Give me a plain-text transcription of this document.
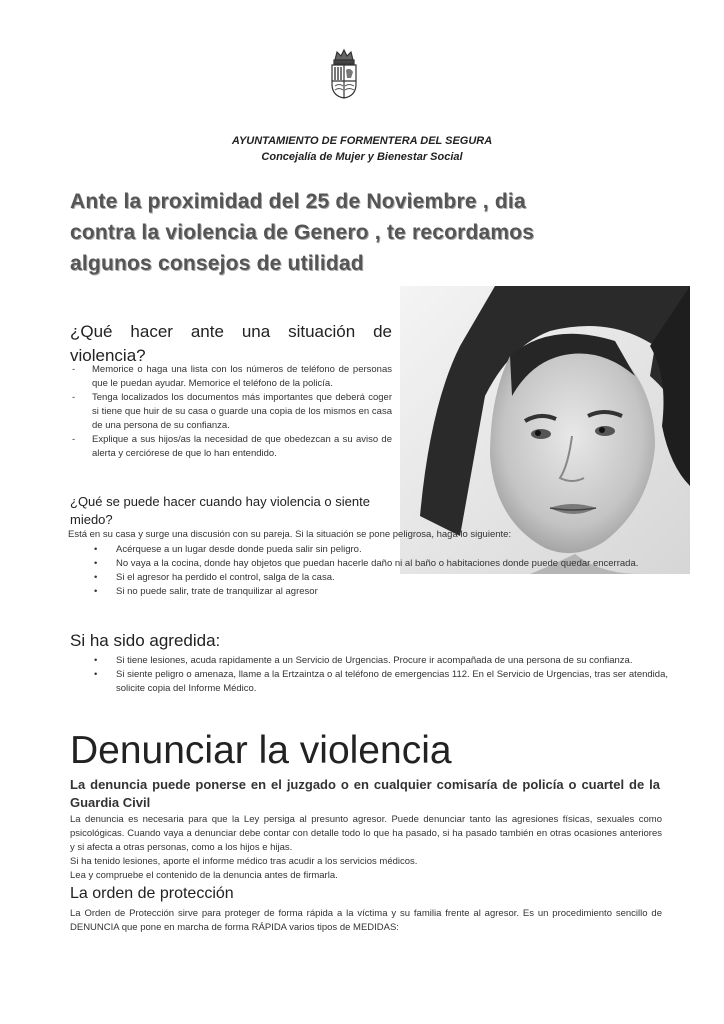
AYUNTAMIENTO DE FORMENTERA DEL SEGURA
Concejalía de Mujer y Bienestar Social
Ante la proximidad del 25 de Noviembre , dia
contra la violencia de Genero , te recordamos
algunos consejos de utilidad
¿Qué hacer ante una situación de violencia?
- Memorice o haga una lista con los números de teléfono de personas que le puedan ayudar. Memorice el teléfono de la policía.
- Tenga localizados los documentos más importantes que deberá coger si tiene que huir de su casa o guarde una copia de los mismos en casa de una persona de su confianza.
- Explique a sus hijos/as la necesidad de que obedezcan a su aviso de alerta y cerciórese de que lo han entendido.
¿Qué se puede hacer cuando hay violencia o siente miedo?
Está en su casa y surge una discusión con su pareja. Si la situación se pone peligrosa, haga lo siguiente:
• Acérquese a un lugar desde donde pueda salir sin peligro.
• No vaya a la cocina, donde hay objetos que puedan hacerle daño ni al baño o habitaciones donde puede quedar encerrada.
• Si el agresor ha perdido el control, salga de la casa.
• Si no puede salir, trate de tranquilizar al agresor
Si ha sido agredida:
• Si tiene lesiones, acuda rapidamente a un Servicio de Urgencias. Procure ir acompañada de una persona de su confianza.
• Si siente peligro o amenaza, llame a la Ertzaintza o al teléfono de emergencias 112. En el Servicio de Urgencias, tras ser atendida, solicite copia del Informe Médico.
Denunciar la violencia
La denuncia puede ponerse en el juzgado o en cualquier comisaría de policía o cuartel de la Guardia Civil
La denuncia es necesaria para que la Ley persiga al presunto agresor. Puede denunciar tanto las agresiones físicas, sexuales como psicológicas. Cuando vaya a denunciar debe contar con detalle todo lo que ha pasado, si ha pasado también en otras ocasiones anteriores y si afecta a otras personas, como a los hijos e hijas.
Si ha tenido lesiones, aporte el informe médico tras acudir a los servicios médicos.
Lea y compruebe el contenido de la denuncia antes de firmarla.
La orden de protección
La Orden de Protección sirve para proteger de forma rápida a la víctima y su familia frente al agresor. Es un procedimiento sencillo de DENUNCIA que pone en marcha de forma RÁPIDA varios tipos de MEDIDAS:
